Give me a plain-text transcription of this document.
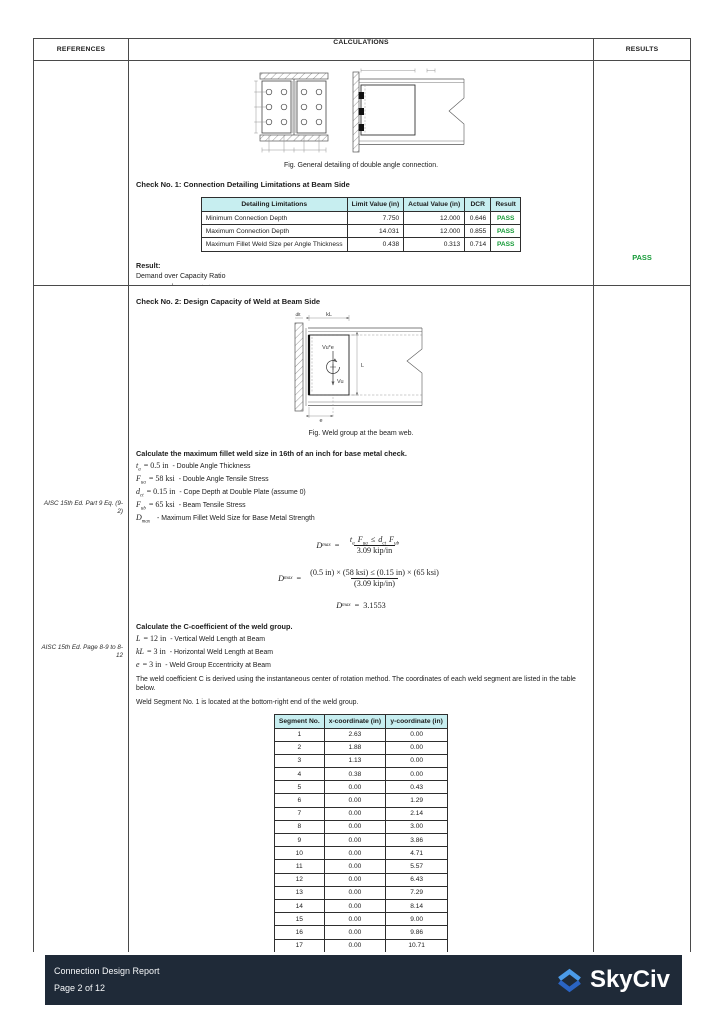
REFERENCES
CALCULATIONS
RESULTS
Fig. General detailing of double angle connection.
Check No. 1: Connection Detailing Limitations at Beam Side
Detailing Limitations	Limit Value (in)	Actual Value (in)	DCR	Result
Minimum Connection Depth	7.750	12.000	0.646	PASS
Maximum Connection Depth	14.031	12.000	0.855	PASS
Maximum Fillet Weld Size per Angle Thickness	0.438	0.313	0.714	PASS
Result:
Demand over Capacity Ratio
PASS
AISC 15th Ed. Part 9 Eq. (9-2)
AISC 15th Ed. Page 8-9 to 8-12
Check No. 2: Design Capacity of Weld at Beam Side
Vu*e
Vu
L
kL
dlt
e
Fig. Weld group at the beam web.
Calculate the maximum fillet weld size in 16th of an inch for base metal check.
$t_a= 0.5$ in - Double Angle Thickness
$F_{ua}= 58$ ksi - Double Angle Tensile Stress
$d_{ct}= 0.15$ in - Cope Depth at Double Plate (assume 0)
$F_{ub}= 65$ ksi - Beam Tensile Stress
$D_{max}$
- Maximum Fillet Weld Size for Base Metal Strength
D $\max = \frac{t_a F_{ua} \le d_{ct} F_{ub}}{\text{3.09 kip/in}}$
D $\max = \frac{\text{(0.5 in) × (58 ksi) ≤ (0.15 in) × (65 ksi)}}{\text{(3.09 kip/in)}}$
D max = 3.1553
Calculate the C-coefficient of the weld group.
L = 12 in - Vertical Weld Length at Beam
kL = 3 in - Horizontal Weld Length at Beam
e = 3 in - Weld Group Eccentricity at Beam
The weld coefficient C is derived using the instantaneous center of rotation method. The coordinates of each weld segment are listed in the table below.
Weld Segment No. 1 is located at the bottom-right end of the weld group.
Segment No.	x-coordinate (in)	y-coordinate (in)
1	2.63	0.00
2	1.88	0.00
3	1.13	0.00
4	0.38	0.00
5	0.00	0.43
6	0.00	1.29
7	0.00	2.14
8	0.00	3.00
9	0.00	3.86
10	0.00	4.71
11	0.00	5.57
12	0.00	6.43
13	0.00	7.29
14	0.00	8.14
15	0.00	9.00
16	0.00	9.86
17	0.00	10.71

Connection Design Report
Page 2 of 12	SkyCiv
